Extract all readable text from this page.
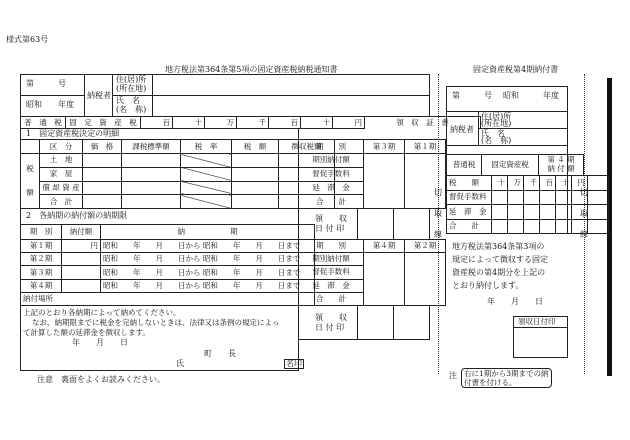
様式第63号
地方税法第364条第5項の固定資産税納税通知書	固定資産税第4期納付書
第　　　号
昭和　　年度
納税者
住(居)所
(所在地)
氏　名
(名　称)
普　通　税	固　定　資　産　税	百	十	万	千	百	十	円	領　収　証　書
1　固定資産税決定の明細
	区　分	価　格	課税標準額	税　率	税　額	徴収税額
税
額	土　地					
	家　屋					
	償 却 資 産					
	合　計					
期　　別	第３期	第１期
期別納付額		
督促手数料		
延　滞　金		
合　　計		
2　各納期の納付額の納期限	領　　収
日 付 印
期　別	納付額	納　　　　　　期
第１期	円	昭和　　年　　月　　日から 昭和　　年　　月　　日まで
第２期		昭和　　年　　月　　日から 昭和　　年　　月　　日まで
第３期		昭和　　年　　月　　日から 昭和　　年　　月　　日まで
第４期		昭和　　年　　月　　日から 昭和　　年　　月　　日まで
納付場所		
期　　別	第４期	第２期
期別納付額		
督促手数料		
延　滞　金		
合　　計		
領　　収
日 付 印
上記のとおり各納期によって納めてください。
なお、納期限までに税金を完納しないときは、法律又は条例の規定によっ
て計算した額の延滞金を徴収します。
年　　月　　日
町　　長
氏	名印
注意　裏面をよくお読みください。
切

取

線
切

取

線
第　　　号 昭和　　　年度
納税者
住(居)所
(所在地)
氏　名
(名　称)
普通税	固定資産税	第 ４ 期
納 付 額
税　　額	十	万	千	百	十	円	
督促手数料							
延　滞　金							
合　　計							
地方税法第364条第3項の
規定によって徴収する固定
資産税の第4期分を上記の
とおり納付します。
年　　月　　日
領収日付印
注 右に1期から3期までの納
付書を付ける。
